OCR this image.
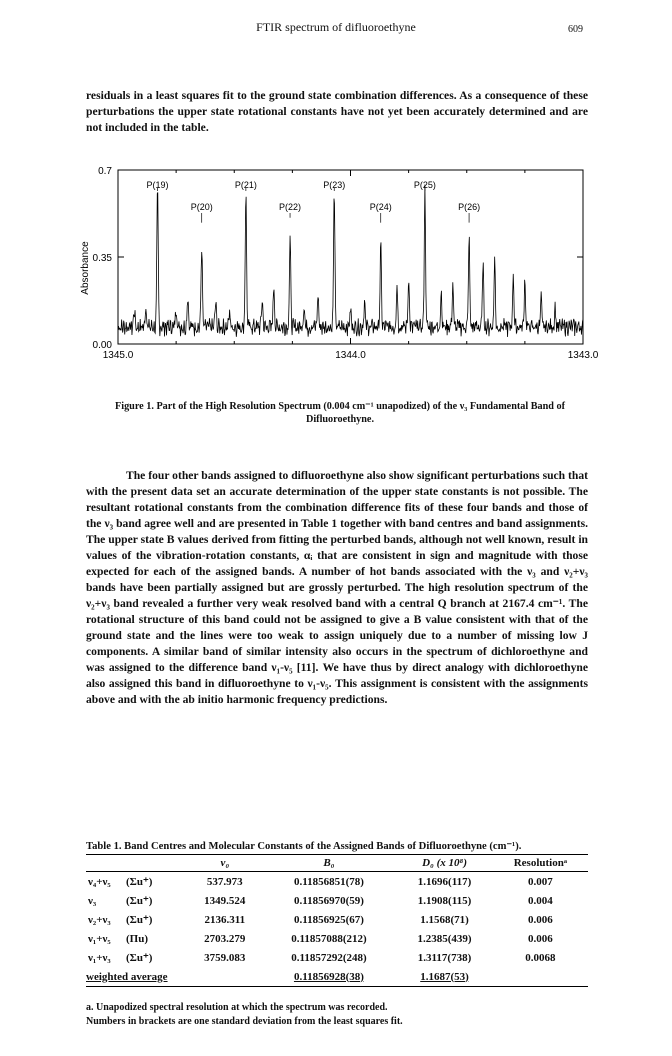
FTIR spectrum of difluoroethyne	609

residuals in a least squares fit to the ground state combination differences. As a consequence of these perturbations the upper state rotational constants have not yet been accurately determined and are not included in the table.

P(19)
P(20)
P(21)
P(22)
P(23)
P(24)
P(25)
P(26)
0.7
0.35
0.00
1345.0	1344.0	1343.0
Absorbance
Figure 1. Part of the High Resolution Spectrum (0.004 cm⁻¹ unapodized) of the ν₃ Fundamental Band of Difluoroethyne.

The four other bands assigned to difluoroethyne also show significant perturbations such that with the present data set an accurate determination of the upper state constants is not possible. The resultant rotational constants from the combination difference fits of these four bands and those of the ν₃ band agree well and are presented in Table 1 together with band centres and band assignments. The upper state B values derived from fitting the perturbed bands, although not well known, result in values of the vibration-rotation constants, αᵢ that are consistent in sign and magnitude with those expected for each of the assigned bands. A number of hot bands associated with the ν₃ and ν₂+ν₃ bands have been partially assigned but are grossly perturbed. The high resolution spectrum of the ν₂+ν₃ band revealed a further very weak resolved band with a central Q branch at 2167.4 cm⁻¹. The rotational structure of this band could not be assigned to give a B value consistent with that of the ground state and the lines were too weak to assign uniquely due to a number of missing low J components. A similar band of similar intensity also occurs in the spectrum of dichloroethyne and was assigned to the difference band ν₁-ν₅ [11]. We have thus by direct analogy with dichloroethyne also assigned this band in difluoroethyne to ν₁-ν₅. This assignment is consistent with the assignments above and with the ab initio harmonic frequency predictions.

Table 1. Band Centres and Molecular Constants of the Assigned Bands of Difluoroethyne (cm⁻¹).
		ν₀	B₀	D₀ (x 10⁸)	Resolutionᵃ
ν₄+ν₅	(Σu⁺)	537.973	0.11856851(78)	1.1696(117)	0.007
ν₃	(Σu⁺)	1349.524	0.11856970(59)	1.1908(115)	0.004
ν₂+ν₃	(Σu⁺)	2136.311	0.11856925(67)	1.1568(71)	0.006
ν₁+ν₅	(Πu)	2703.279	0.11857088(212)	1.2385(439)	0.006
ν₁+ν₃	(Σu⁺)	3759.083	0.11857292(248)	1.3117(738)	0.0068
weighted average			0.11856928(38)	1.1687(53)	
a. Unapodized spectral resolution at which the spectrum was recorded.
Numbers in brackets are one standard deviation from the least squares fit.
